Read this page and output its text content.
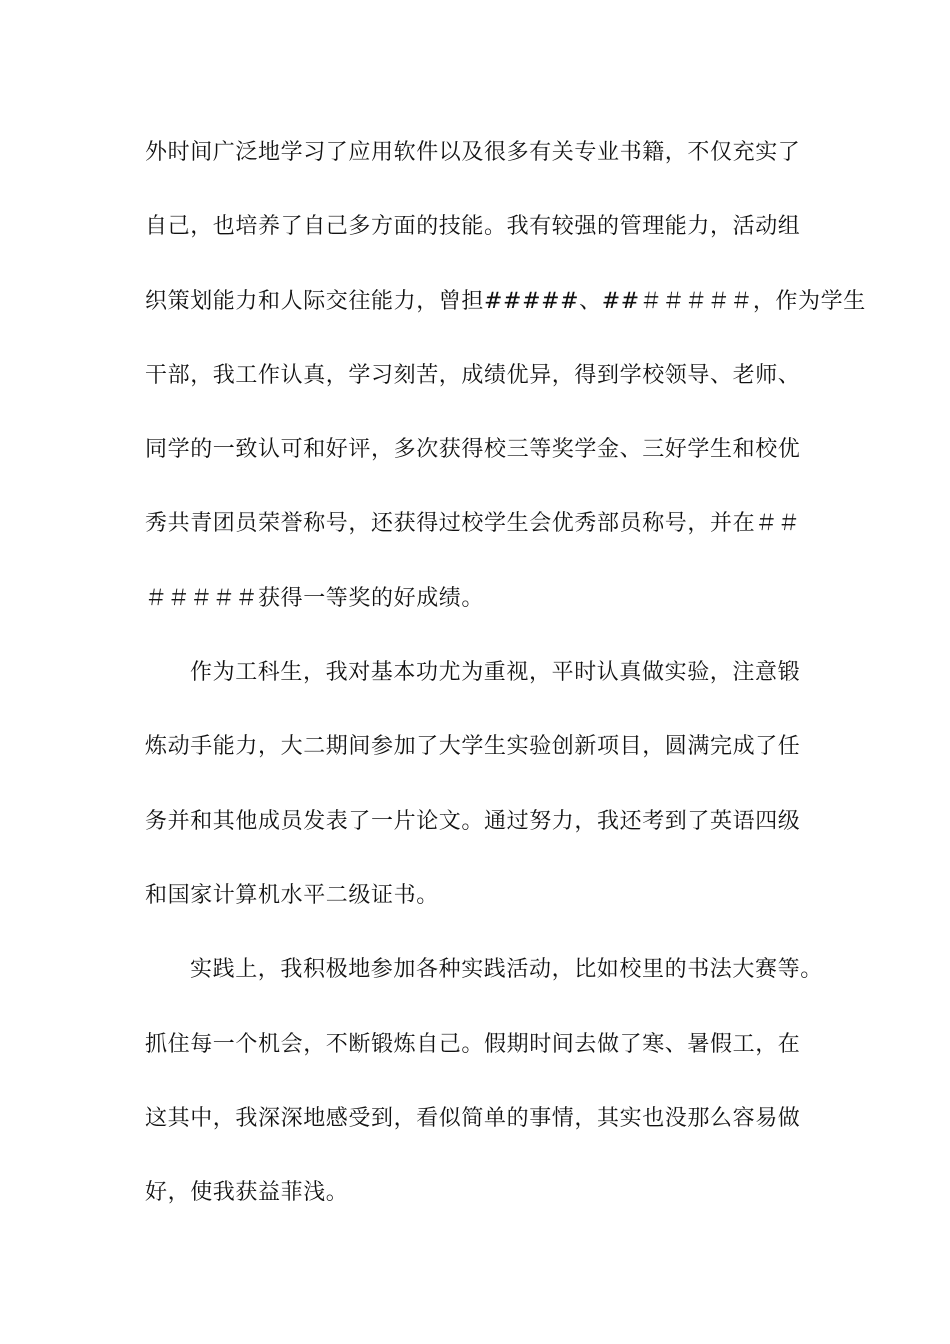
外时间广泛地学习了应用软件以及很多有关专业书籍，不仅充实了
自己，也培养了自己多方面的技能。我有较强的管理能力，活动组
织策划能力和人际交往能力，曾担#####、##＃＃＃＃＃，作为学生
干部，我工作认真，学习刻苦，成绩优异，得到学校领导、老师、
同学的一致认可和好评，多次获得校三等奖学金、三好学生和校优
秀共青团员荣誉称号，还获得过校学生会优秀部员称号，并在＃＃
＃＃＃＃＃获得一等奖的好成绩。
作为工科生，我对基本功尤为重视，平时认真做实验，注意锻
炼动手能力，大二期间参加了大学生实验创新项目，圆满完成了任
务并和其他成员发表了一片论文。通过努力，我还考到了英语四级
和国家计算机水平二级证书。
实践上，我积极地参加各种实践活动，比如校里的书法大赛等。
抓住每一个机会，不断锻炼自己。假期时间去做了寒、暑假工，在
这其中，我深深地感受到，看似简单的事情，其实也没那么容易做
好，使我获益菲浅。
